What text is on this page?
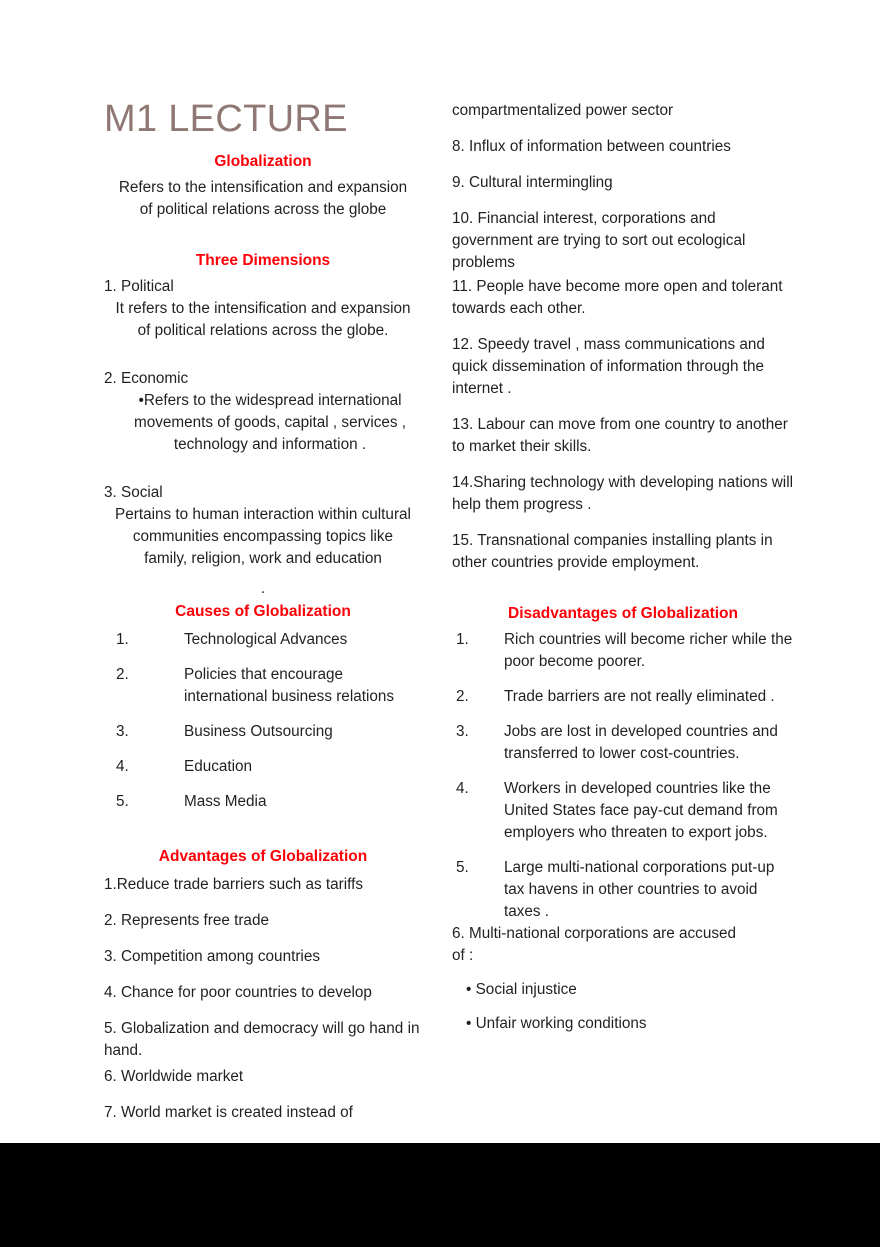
M1 LECTURE

Globalization

Refers to the intensification and expansion
of political relations across the globe

Three Dimensions

1. Political

It refers to the intensification and expansion
of political relations across the globe.

2. Economic

•Refers to the widespread international
movements of goods, capital , services ,
technology and information .

3. Social

Pertains to human interaction within cultural
communities encompassing topics like
family, religion, work and education

.

Causes of Globalization

1.	Technological Advances
2.	Policies that encourage international business relations
3.	Business Outsourcing
4.	Education
5.	Mass Media

Advantages of Globalization

1.Reduce trade barriers such as tariffs

2. Represents free trade

3. Competition among countries

4. Chance for poor countries to develop

5. Globalization and democracy will go hand in hand.

6. Worldwide market

7. World market is created instead of

compartmentalized power sector

8. Influx of information between countries

9. Cultural intermingling

10. Financial interest, corporations and government are trying to sort out ecological problems

11. People have become more open and tolerant towards each other.

12. Speedy travel , mass communications and quick dissemination of information through the internet .

13. Labour can move from one country to another to market their skills.

14.Sharing technology with developing nations will help them progress .

15. Transnational companies installing plants in other countries provide employment.

Disadvantages of Globalization

1.	Rich countries will become richer while the poor become poorer.
2.	Trade barriers are not really eliminated .
3.	Jobs are lost in developed countries and transferred to lower cost-countries.
4.	Workers in developed countries like the United States face pay-cut demand from employers who threaten to export jobs.
5.	Large multi-national corporations put-up tax havens in other countries to avoid taxes .

6. Multi-national corporations are accused

of :

• Social injustice

• Unfair working conditions
